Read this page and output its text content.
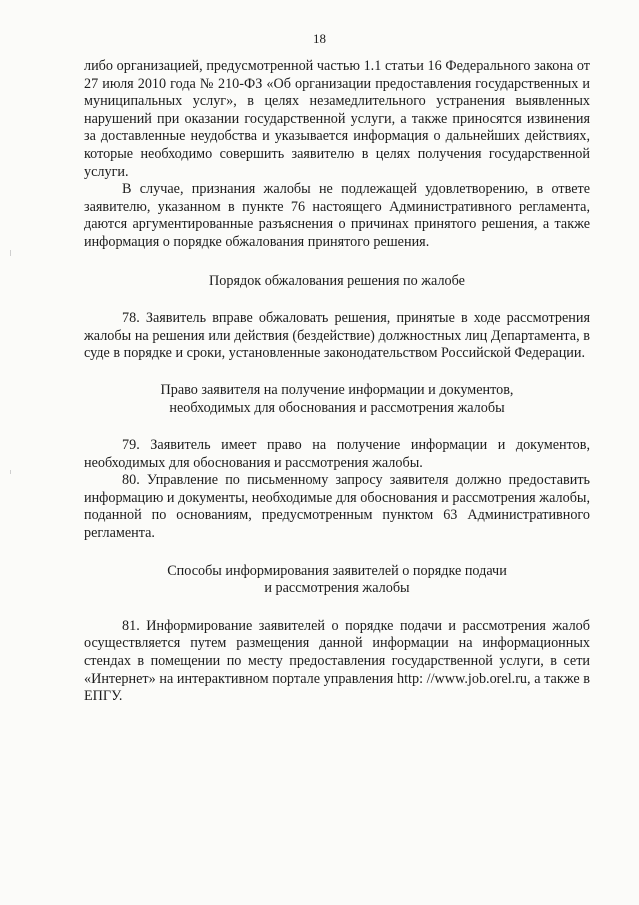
18

либо организацией, предусмотренной частью 1.1 статьи 16 Федерального закона от 27 июля 2010 года № 210-ФЗ «Об организации предоставления государственных и муниципальных услуг», в целях незамедлительного устранения выявленных нарушений при оказании государственной услуги, а также приносятся извинения за доставленные неудобства и указывается информация о дальнейших действиях, которые необходимо совершить заявителю в целях получения государственной услуги.

В случае, признания жалобы не подлежащей удовлетворению, в ответе заявителю, указанном в пункте 76 настоящего Административного регламента, даются аргументированные разъяснения о причинах принятого решения, а также информация о порядке обжалования принятого решения.

Порядок обжалования решения по жалобе

78. Заявитель вправе обжаловать решения, принятые в ходе рассмотрения жалобы на решения или действия (бездействие) должностных лиц Департамента, в суде в порядке и сроки, установленные законодательством Российской Федерации.

Право заявителя на получение информации и документов,
необходимых для обоснования и рассмотрения жалобы

79. Заявитель имеет право на получение информации и документов, необходимых для обоснования и рассмотрения жалобы.

80. Управление по письменному запросу заявителя должно предоставить информацию и документы, необходимые для обоснования и рассмотрения жалобы, поданной по основаниям, предусмотренным пунктом 63 Административного регламента.

Способы информирования заявителей о порядке подачи
и рассмотрения жалобы

81. Информирование заявителей о порядке подачи и рассмотрения жалоб осуществляется путем размещения данной информации на информационных стендах в помещении по месту предоставления государственной услуги, в сети «Интернет» на интерактивном портале управления http: //www.job.orel.ru, а также в ЕПГУ.
